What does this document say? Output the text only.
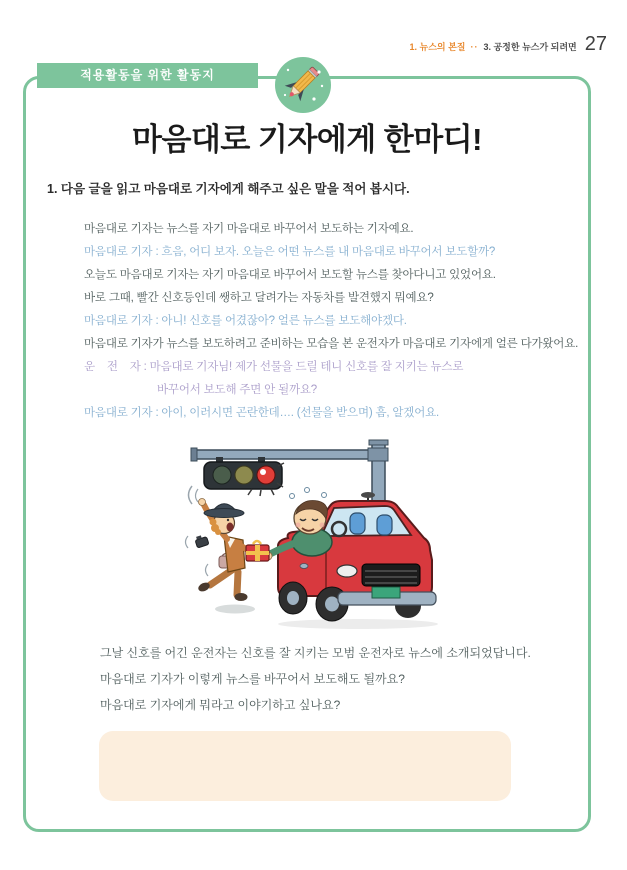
1. 뉴스의 본질 ·· 3. 공정한 뉴스가 되려면 27
적용활동을 위한 활동지
마음대로 기자에게 한마디!
1. 다음 글을 읽고 마음대로 기자에게 해주고 싶은 말을 적어 봅시다.
마음대로 기자는 뉴스를 자기 마음대로 바꾸어서 보도하는 기자예요.
마음대로 기자 : 흐음, 어디 보자. 오늘은 어떤 뉴스를 내 마음대로 바꾸어서 보도할까?
오늘도 마음대로 기자는 자기 마음대로 바꾸어서 보도할 뉴스를 찾아다니고 있었어요.
바로 그때, 빨간 신호등인데 쌩하고 달려가는 자동차를 발견했지 뭐예요?
마음대로 기자 : 아니! 신호를 어겼잖아? 얼른 뉴스를 보도해야겠다.
마음대로 기자가 뉴스를 보도하려고 준비하는 모습을 본 운전자가 마음대로 기자에게 얼른 다가왔어요.
운    전    자 : 마음대로 기자님! 제가 선물을 드릴 테니 신호를 잘 지키는 뉴스로
바꾸어서 보도해 주면 안 될까요?
마음대로 기자 : 아이, 이러시면 곤란한데…. (선물을 받으며) 흠, 알겠어요.
그날 신호를 어긴 운전자는 신호를 잘 지키는 모범 운전자로 뉴스에 소개되었답니다.
마음대로 기자가 이렇게 뉴스를 바꾸어서 보도해도 될까요?
마음대로 기자에게 뭐라고 이야기하고 싶나요?
